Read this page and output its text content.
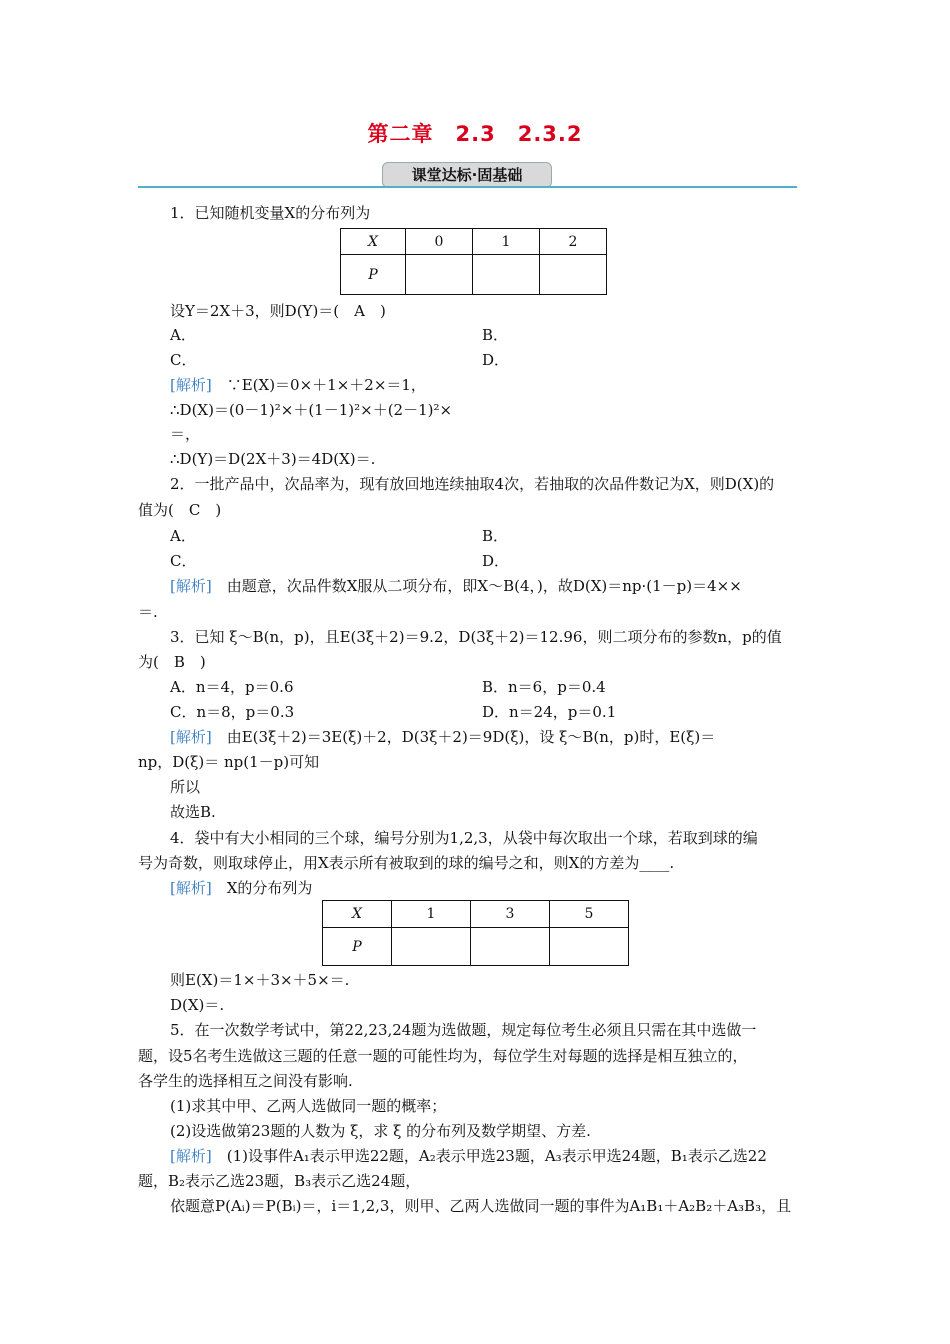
第二章　2.3　2.3.2
课堂达标·固基础
1．已知随机变量X的分布列为
设Y＝2X＋3，则D(Y)＝(　A　)
A．	B．
C．	D．
[解析]　∵E(X)＝0×＋1×＋2×＝1，
∴D(X)＝(0－1)²×＋(1－1)²×＋(2－1)²×
＝，
∴D(Y)＝D(2X＋3)＝4D(X)＝.
2．一批产品中，次品率为，现有放回地连续抽取4次，若抽取的次品件数记为X，则D(X)的
值为(　C　)
A．	B．
C．	D．
[解析]　由题意，次品件数X服从二项分布，即X～B(4，)，故D(X)＝np·(1－p)＝4××
＝.
3．已知 ξ～B(n，p)，且E(3ξ＋2)＝9.2，D(3ξ＋2)＝12.96，则二项分布的参数n，p的值
为(　B　)
A．n＝4，p＝0.6	B．n＝6，p＝0.4
C．n＝8，p＝0.3	D．n＝24，p＝0.1
[解析]　由E(3ξ＋2)＝3E(ξ)＋2，D(3ξ＋2)＝9D(ξ)，设 ξ～B(n，p)时，E(ξ)＝
np，D(ξ)＝ np(1－p)可知
所以
故选B.
4．袋中有大小相同的三个球，编号分别为1,2,3，从袋中每次取出一个球，若取到球的编
号为奇数，则取球停止，用X表示所有被取到的球的编号之和，则X的方差为____.
[解析]　X的分布列为
则E(X)＝1×＋3×＋5×＝.
D(X)＝.
5．在一次数学考试中，第22,23,24题为选做题，规定每位考生必须且只需在其中选做一
题，设5名考生选做这三题的任意一题的可能性均为，每位学生对每题的选择是相互独立的，
各学生的选择相互之间没有影响.
(1)求其中甲、乙两人选做同一题的概率；
(2)设选做第23题的人数为 ξ，求 ξ 的分布列及数学期望、方差.
[解析]　(1)设事件A₁表示甲选22题，A₂表示甲选23题，A₃表示甲选24题，B₁表示乙选22
题，B₂表示乙选23题，B₃表示乙选24题，
依题意P(Aᵢ)＝P(Bᵢ)＝，i＝1,2,3，则甲、乙两人选做同一题的事件为A₁B₁＋A₂B₂＋A₃B₃，且
X	0	1	2
P			
X	1	3	5
P			
